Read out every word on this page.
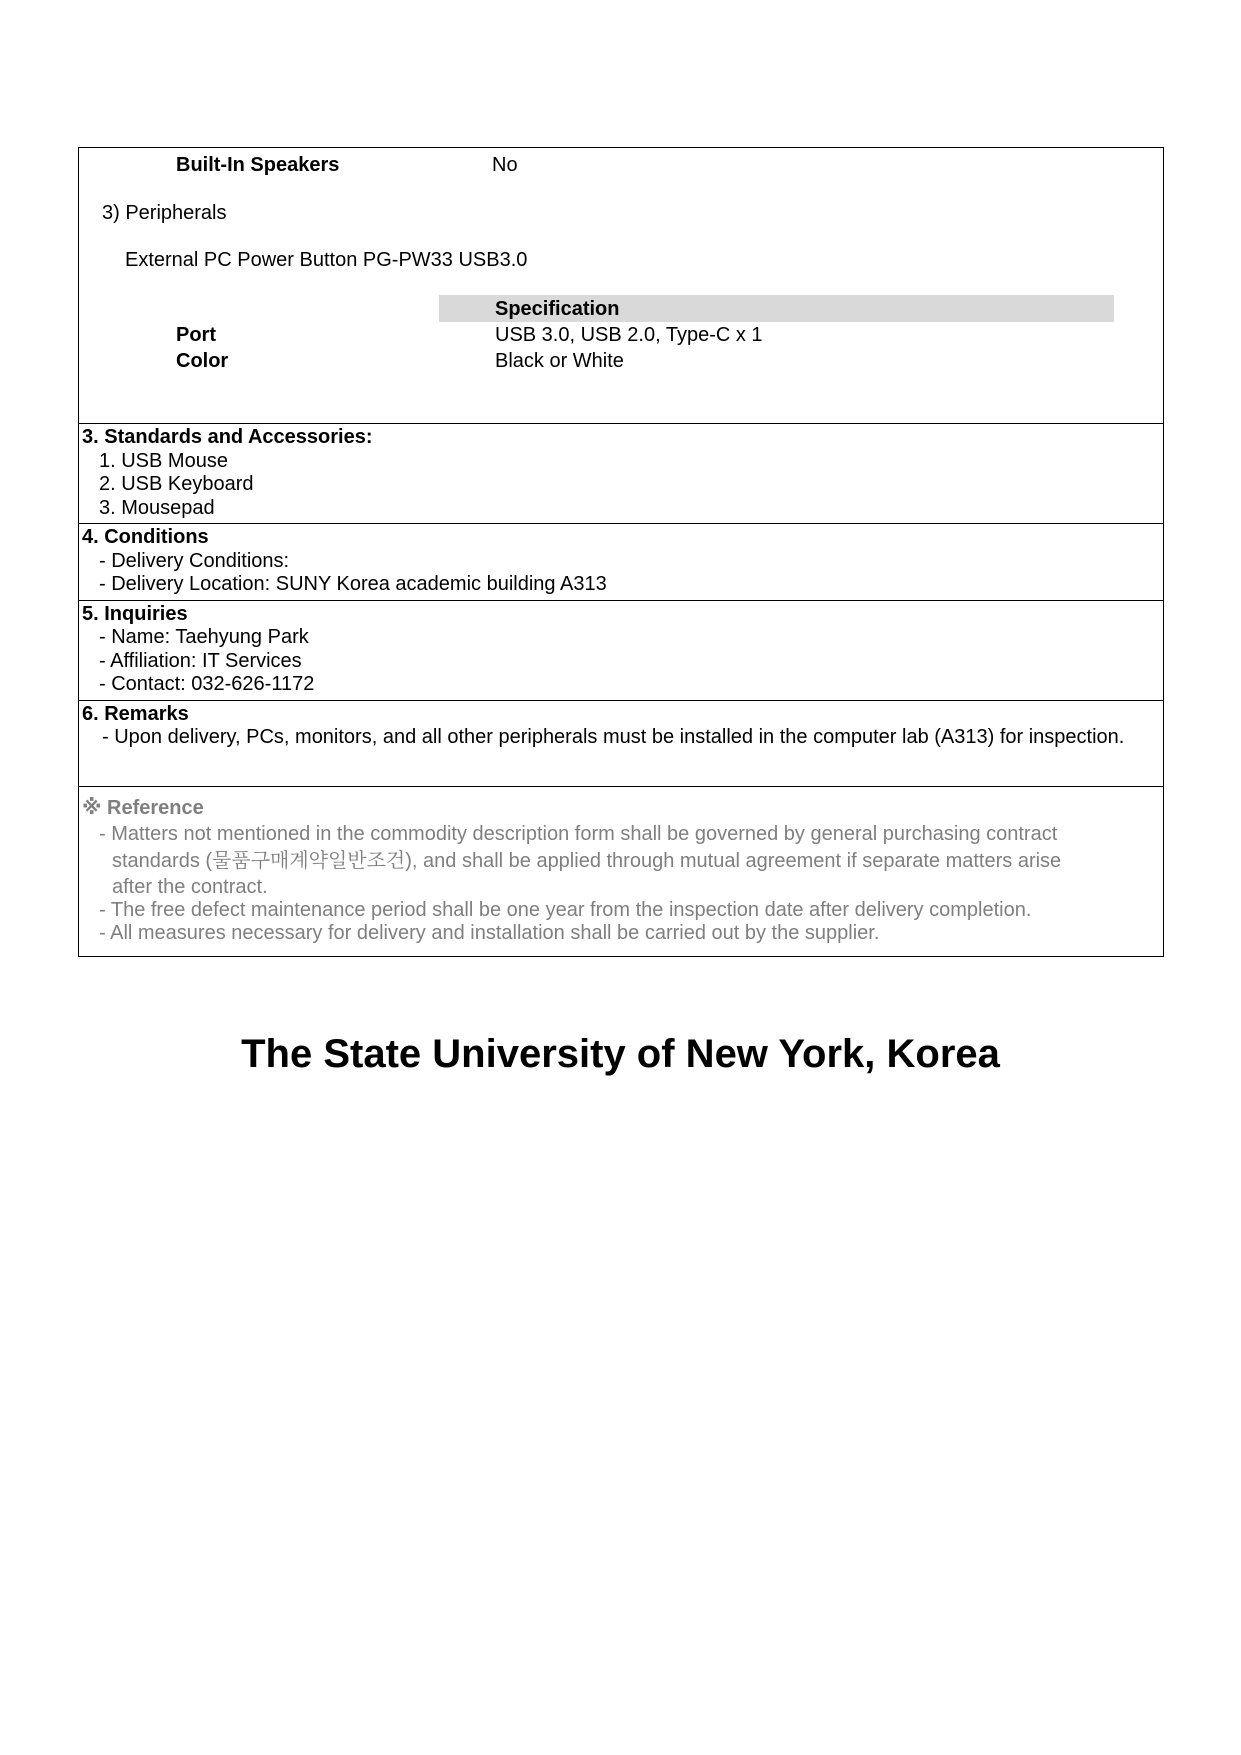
Built-In Speakers	No
3) Peripherals
External PC Power Button PG-PW33 USB3.0
Specification
Port	USB 3.0, USB 2.0, Type-C x 1
Color	Black or White
3. Standards and Accessories:
1. USB Mouse
2. USB Keyboard
3. Mousepad
4. Conditions
- Delivery Conditions:
- Delivery Location: SUNY Korea academic building A313
5. Inquiries
- Name: Taehyung Park
- Affiliation: IT Services
- Contact: 032-626-1172
6. Remarks
- Upon delivery, PCs, monitors, and all other peripherals must be installed in the computer lab (A313) for inspection.
※ Reference
- Matters not mentioned in the commodity description form shall be governed by general purchasing contract
standards (물품구매계약일반조건), and shall be applied through mutual agreement if separate matters arise
after the contract.
- The free defect maintenance period shall be one year from the inspection date after delivery completion.
- All measures necessary for delivery and installation shall be carried out by the supplier.
The State University of New York, Korea
